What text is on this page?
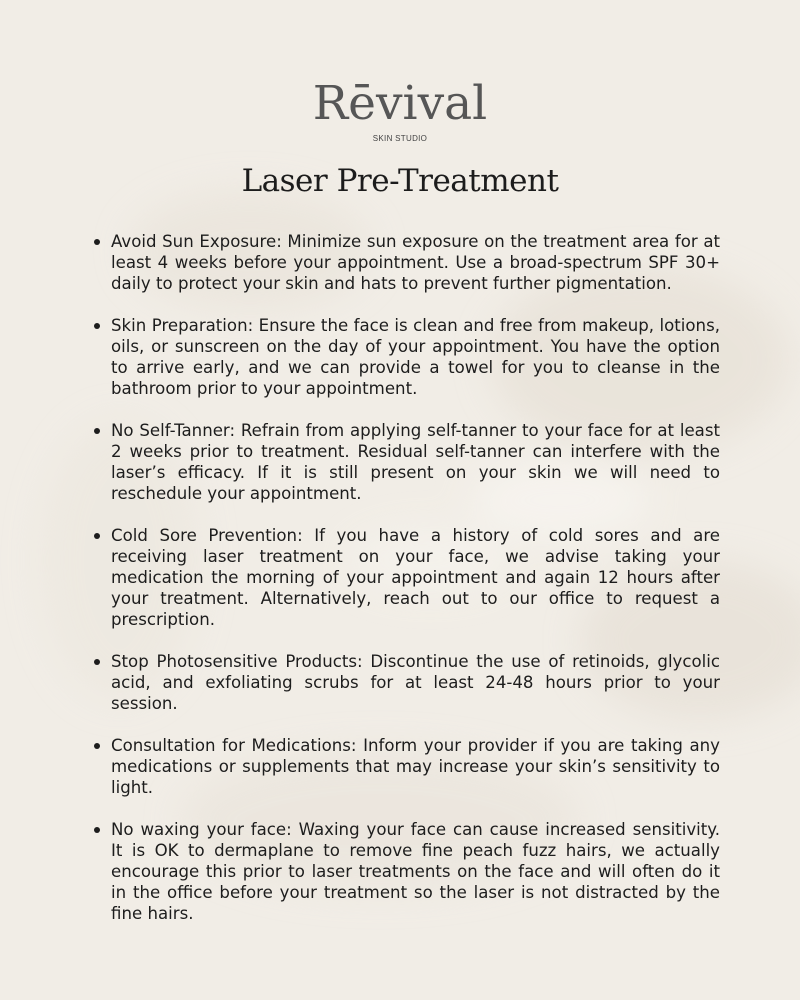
Rēvival
SKIN STUDIO
Laser Pre-Treatment
Avoid Sun Exposure: Minimize sun exposure on the treatment area for at least 4 weeks before your appointment. Use a broad-spectrum SPF 30+ daily to protect your skin and hats to prevent further pigmentation.
Skin Preparation: Ensure the face is clean and free from makeup, lotions, oils, or sunscreen on the day of your appointment. You have the option to arrive early, and we can provide a towel for you to cleanse in the bathroom prior to your appointment.
No Self-Tanner: Refrain from applying self-tanner to your face for at least 2 weeks prior to treatment. Residual self-tanner can interfere with the laser’s efficacy. If it is still present on your skin we will need to reschedule your appointment.
Cold Sore Prevention: If you have a history of cold sores and are receiving laser treatment on your face, we advise taking your medication the morning of your appointment and again 12 hours after your treatment. Alternatively, reach out to our office to request a prescription.
Stop Photosensitive Products: Discontinue the use of retinoids, glycolic acid, and exfoliating scrubs for at least 24-48 hours prior to your session.
Consultation for Medications: Inform your provider if you are taking any medications or supplements that may increase your skin’s sensitivity to light.
No waxing your face: Waxing your face can cause increased sensitivity. It is OK to dermaplane to remove fine peach fuzz hairs, we actually encourage this prior to laser treatments on the face and will often do it in the office before your treatment so the laser is not distracted by the fine hairs.
